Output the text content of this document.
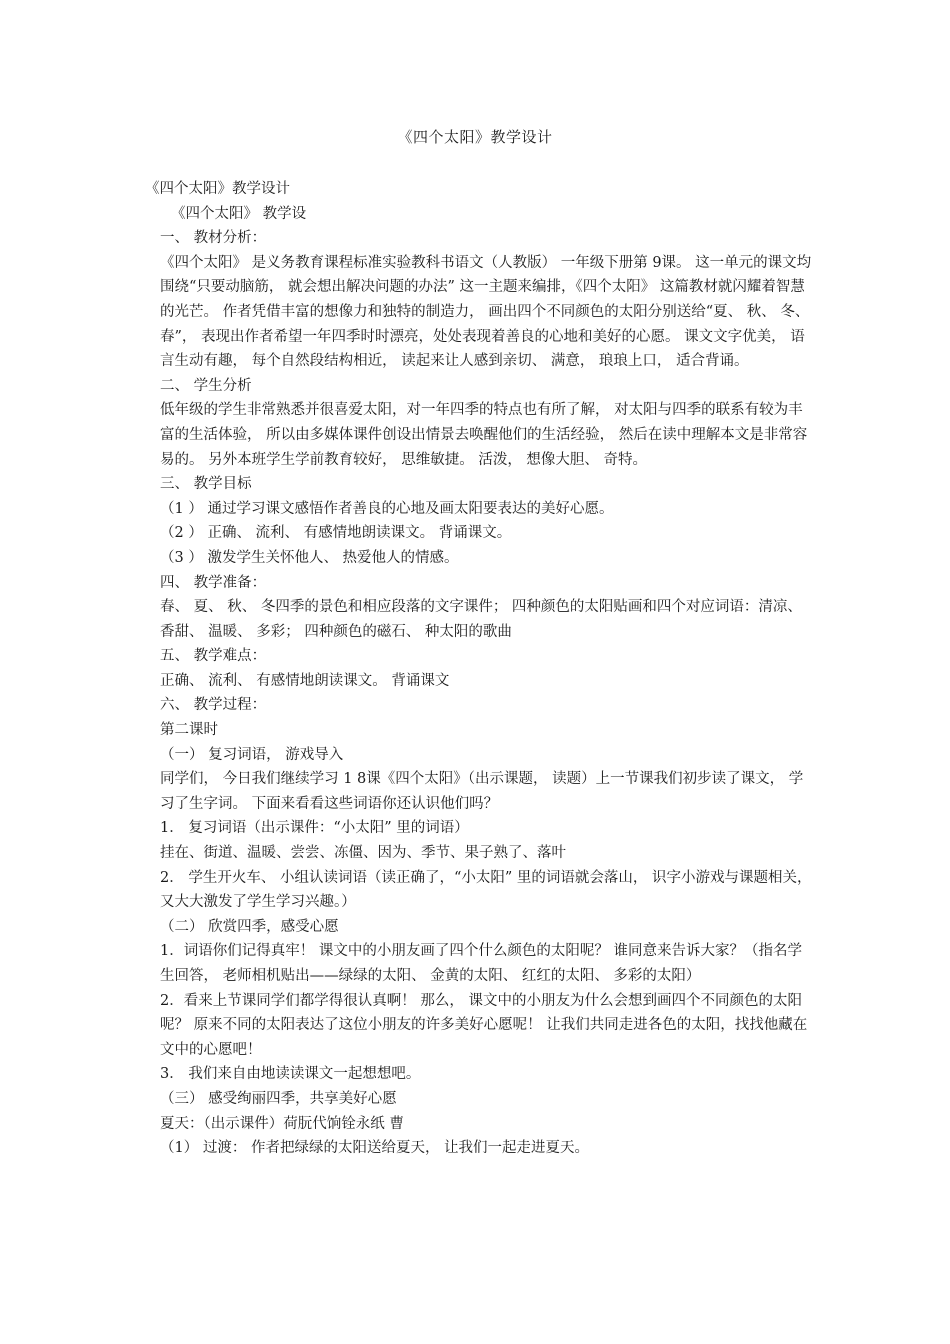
《四个太阳》教学设计

《四个太阳》教学设计

《四个太阳》 教学设

一、 教材分析：

《四个太阳》 是义务教育课程标准实验教科书语文（人教版） 一年级下册第 9课。 这一单元的课文均围绕“只要动脑筋， 就会想出解决问题的办法” 这一主题来编排，《四个太阳》 这篇教材就闪耀着智慧的光芒。 作者凭借丰富的想像力和独特的制造力， 画出四个不同颜色的太阳分别送给“夏、 秋、 冬、 春”， 表现出作者希望一年四季时时漂亮，处处表现着善良的心地和美好的心愿。 课文文字优美， 语言生动有趣， 每个自然段结构相近， 读起来让人感到亲切、 满意， 琅琅上口， 适合背诵。

二、 学生分析

低年级的学生非常熟悉并很喜爱太阳，对一年四季的特点也有所了解， 对太阳与四季的联系有较为丰富的生活体验， 所以由多媒体课件创设出情景去唤醒他们的生活经验， 然后在读中理解本文是非常容易的。 另外本班学生学前教育较好， 思维敏捷。 活泼， 想像大胆、 奇特。

三、 教学目标

（1 ） 通过学习课文感悟作者善良的心地及画太阳要表达的美好心愿。

（2 ） 正确、 流利、 有感情地朗读课文。 背诵课文。

（3 ） 激发学生关怀他人、 热爱他人的情感。

四、 教学准备：

春、 夏、 秋、 冬四季的景色和相应段落的文字课件； 四种颜色的太阳贴画和四个对应词语：清凉、 香甜、 温暖、 多彩； 四种颜色的磁石、 种太阳的歌曲

五、 教学难点：

正确、 流利、 有感情地朗读课文。 背诵课文

六、 教学过程：

第二课时

（一） 复习词语， 游戏导入

同学们， 今日我们继续学习 1 8课《四个太阳》（出示课题， 读题）上一节课我们初步读了课文， 学习了生字词。 下面来看看这些词语你还认识他们吗？

1． 复习词语（出示课件：“小太阳” 里的词语）

挂在、街道、温暖、尝尝、冻僵、因为、季节、果子熟了、落叶

2． 学生开火车、 小组认读词语（读正确了，“小太阳” 里的词语就会落山， 识字小游戏与课题相关， 又大大激发了学生学习兴趣。）

（二） 欣赏四季，感受心愿

1．词语你们记得真牢！ 课文中的小朋友画了四个什么颜色的太阳呢？ 谁同意来告诉大家？（指名学生回答， 老师相机贴出——绿绿的太阳、 金黄的太阳、 红红的太阳、 多彩的太阳）

2．看来上节课同学们都学得很认真啊！ 那么， 课文中的小朋友为什么会想到画四个不同颜色的太阳呢？ 原来不同的太阳表达了这位小朋友的许多美好心愿呢！ 让我们共同走进各色的太阳，找找他藏在文中的心愿吧！

3． 我们来自由地读读课文一起想想吧。

（三） 感受绚丽四季，共享美好心愿

夏天：（出示课件）荷朊代饷铨永纸 曹

（1） 过渡： 作者把绿绿的太阳送给夏天， 让我们一起走进夏天。
